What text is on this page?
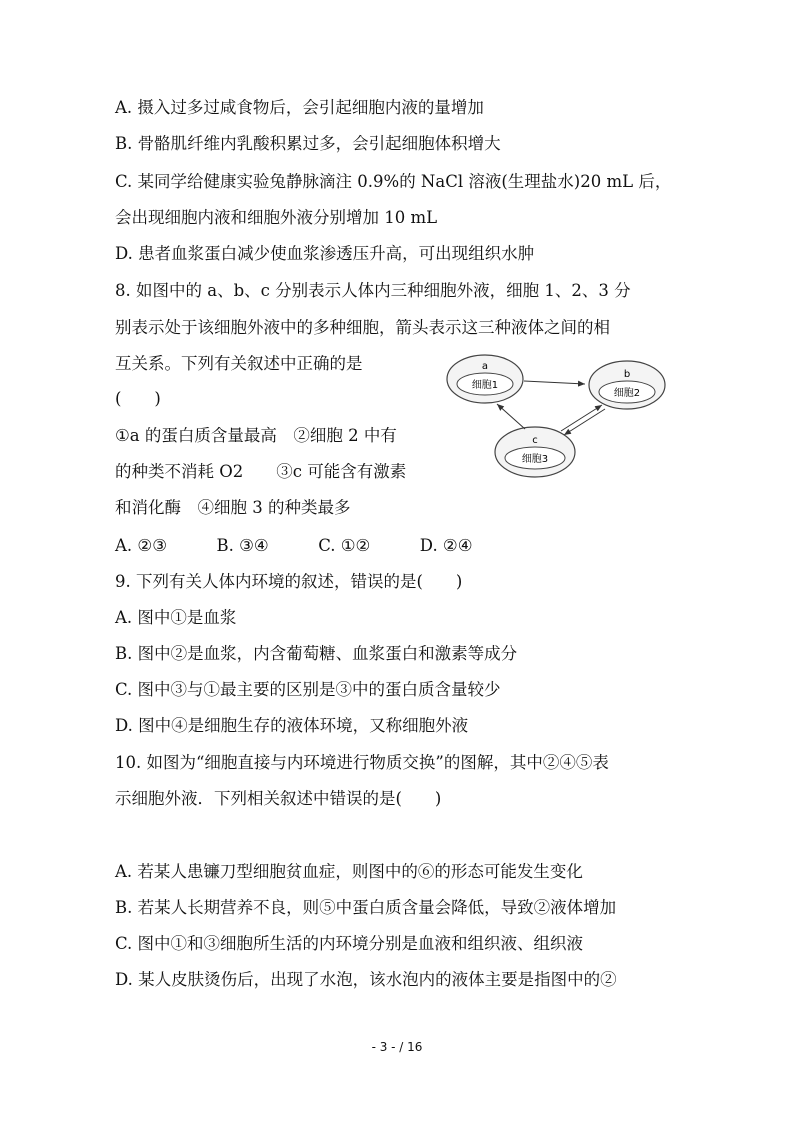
A. 摄入过多过咸食物后，会引起细胞内液的量增加
B. 骨骼肌纤维内乳酸积累过多，会引起细胞体积增大
C. 某同学给健康实验兔静脉滴注 0.9%的 NaCl 溶液(生理盐水)20 mL 后，
会出现细胞内液和细胞外液分别增加 10 mL
D. 患者血浆蛋白减少使血浆渗透压升高，可出现组织水肿
8. 如图中的 a、b、c 分别表示人体内三种细胞外液，细胞 1、2、3 分
别表示处于该细胞外液中的多种细胞，箭头表示这三种液体之间的相
互关系。下列有关叙述中正确的是
(　　)
①a 的蛋白质含量最高　②细胞 2 中有
的种类不消耗 O2　　③c 可能含有激素
和消化酶　④细胞 3 的种类最多
A. ②③　　　B. ③④　　　C. ①②　　　D. ②④
a
细胞1
b
细胞2
c
细胞3
9. 下列有关人体内环境的叙述，错误的是(　　)
A. 图中①是血浆
B. 图中②是血浆，内含葡萄糖、血浆蛋白和激素等成分
C. 图中③与①最主要的区别是③中的蛋白质含量较少
D. 图中④是细胞生存的液体环境，又称细胞外液
10. 如图为“细胞直接与内环境进行物质交换”的图解，其中②④⑤表
示细胞外液．下列相关叙述中错误的是(　　)
A. 若某人患镰刀型细胞贫血症，则图中的⑥的形态可能发生变化
B. 若某人长期营养不良，则⑤中蛋白质含量会降低，导致②液体增加
C. 图中①和③细胞所生活的内环境分别是血液和组织液、组织液
D. 某人皮肤烫伤后，出现了水泡，该水泡内的液体主要是指图中的②
- 3 - / 16
